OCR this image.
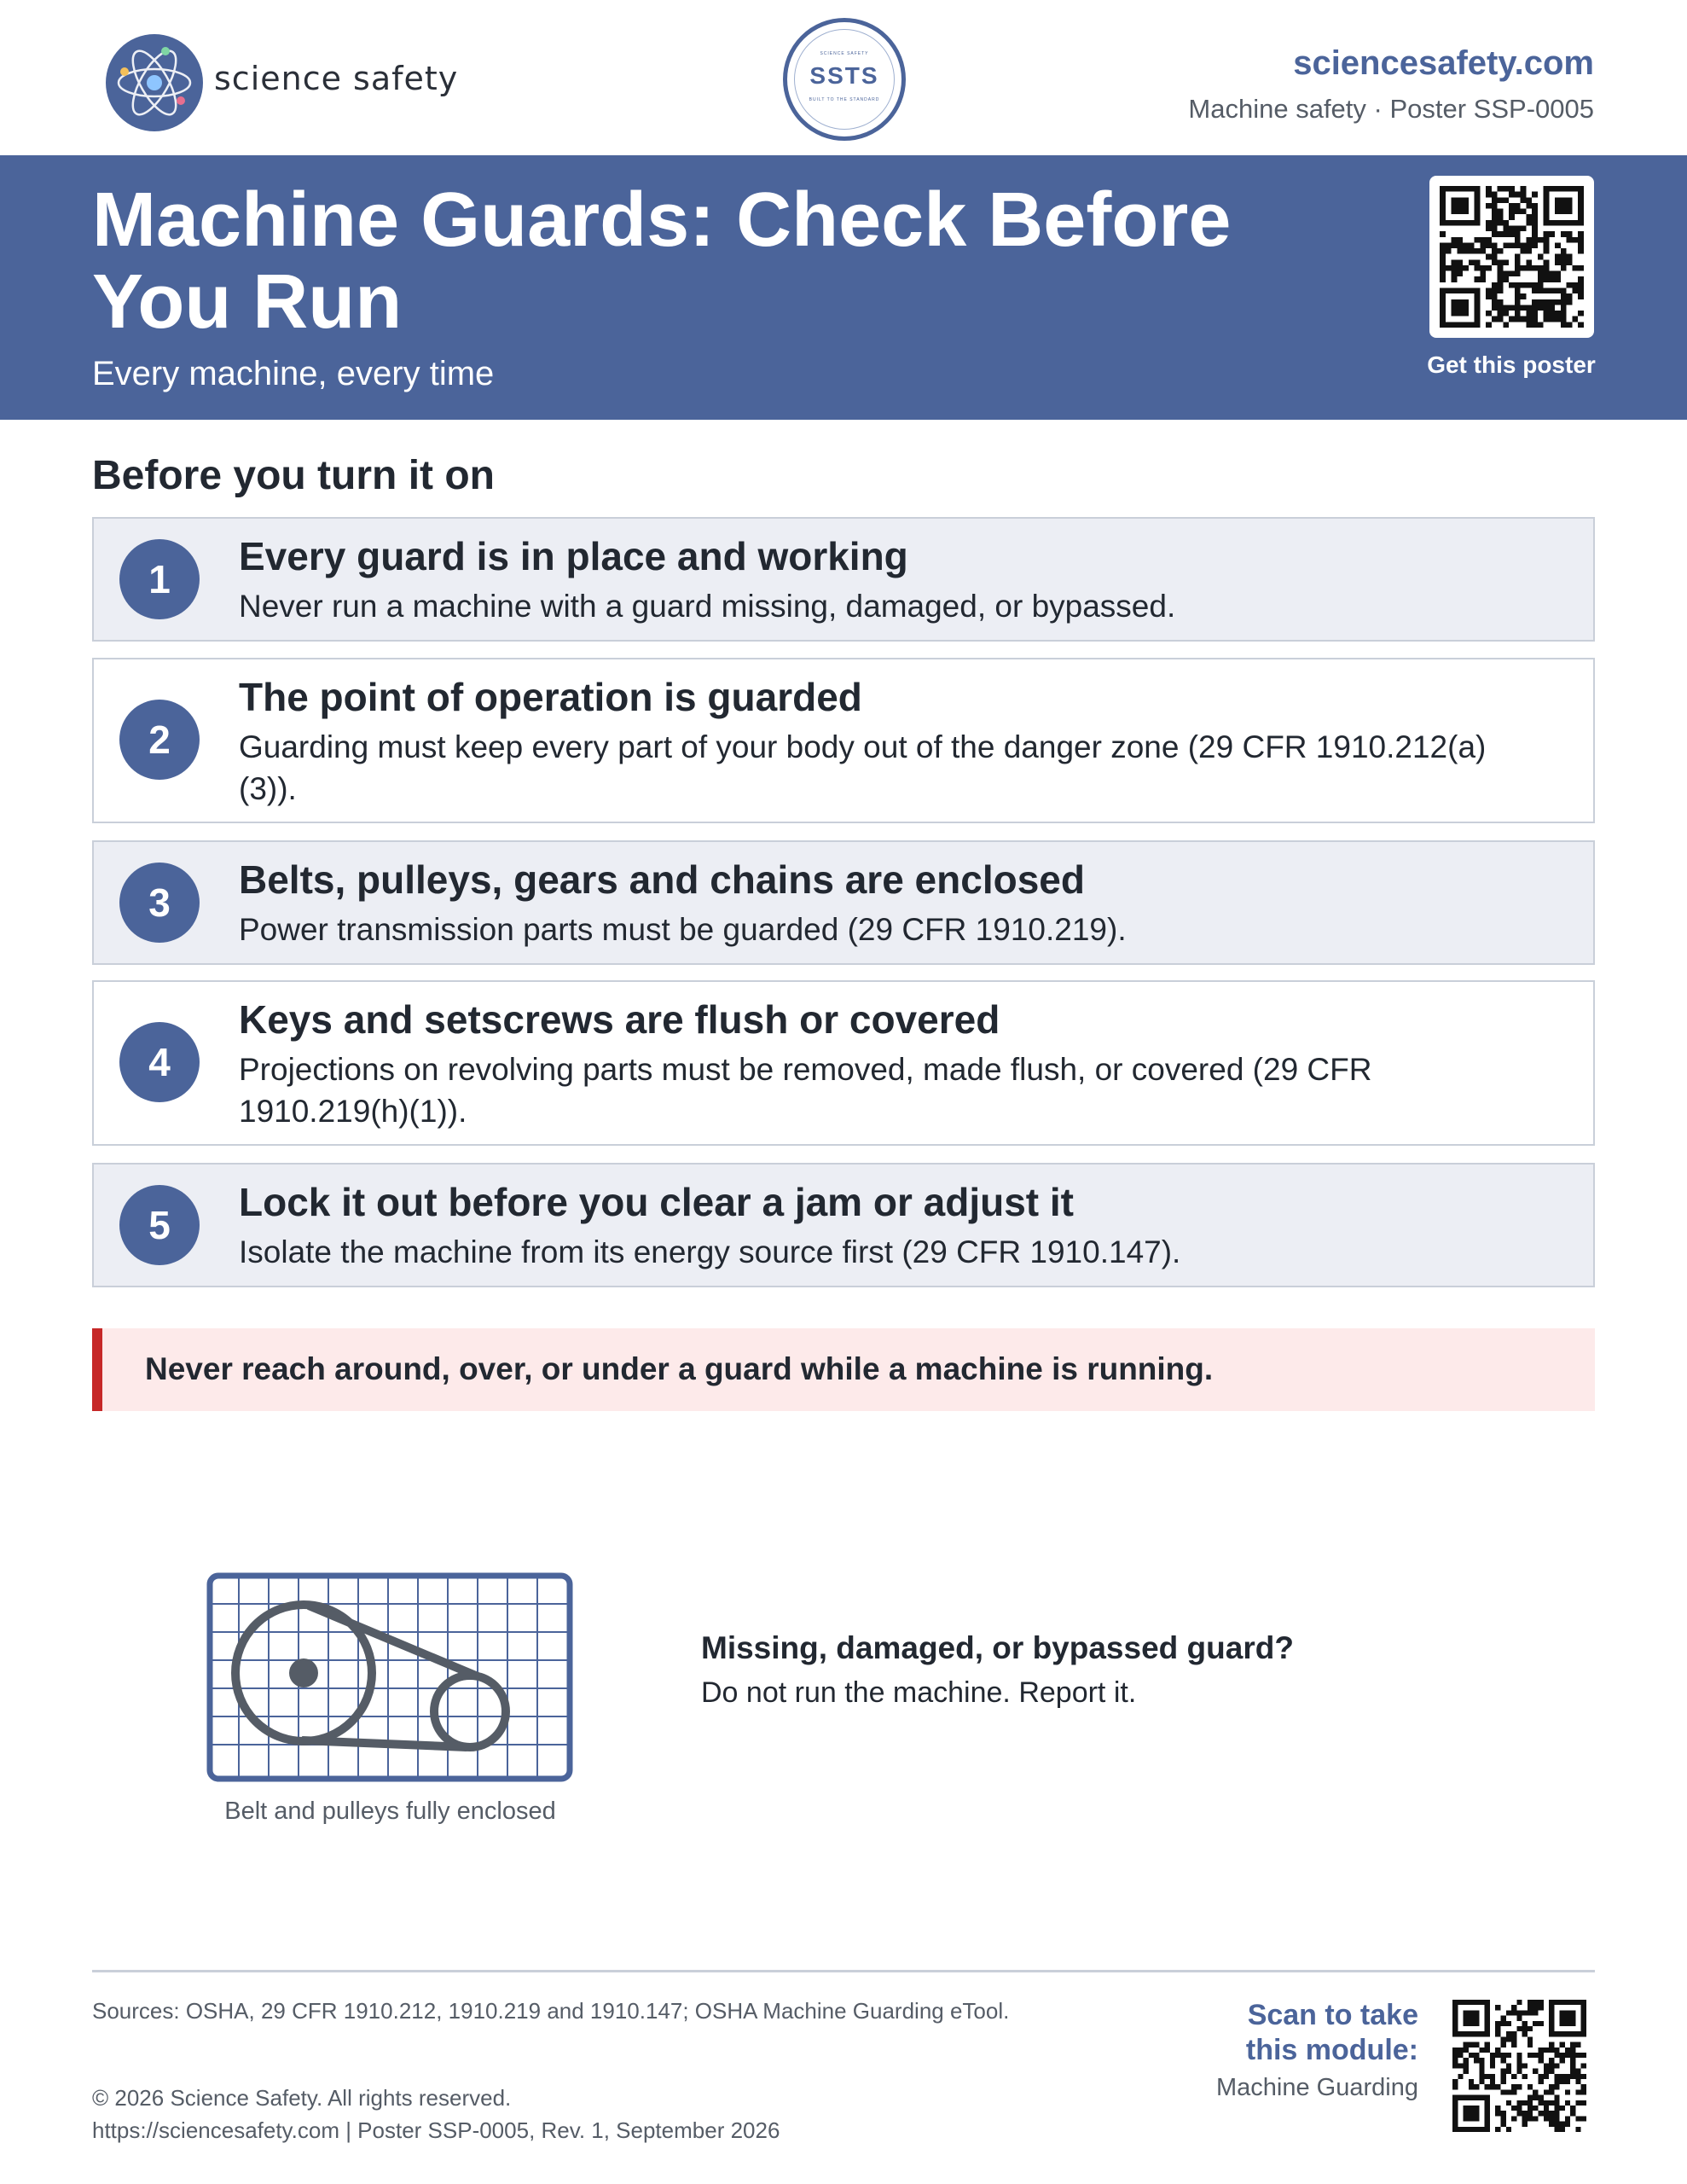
science safety
SCIENCE SAFETY
SSTS
BUILT TO THE STANDARD
sciencesafety.com
Machine safety · Poster SSP-0005
Machine Guards: Check Before You Run
Every machine, every time	Get this poster
Before you turn it on
1
Every guard is in place and working
Never run a machine with a guard missing, damaged, or bypassed.
2
The point of operation is guarded
Guarding must keep every part of your body out of the danger zone (29 CFR 1910.212(a)(3)).
3
Belts, pulleys, gears and chains are enclosed
Power transmission parts must be guarded (29 CFR 1910.219).
4
Keys and setscrews are flush or covered
Projections on revolving parts must be removed, made flush, or covered (29 CFR 1910.219(h)(1)).
5
Lock it out before you clear a jam or adjust it
Isolate the machine from its energy source first (29 CFR 1910.147).
Never reach around, over, or under a guard while a machine is running.
Belt and pulleys fully enclosed
Missing, damaged, or bypassed guard?
Do not run the machine. Report it.
Sources: OSHA, 29 CFR 1910.212, 1910.219 and 1910.147; OSHA Machine Guarding eTool.
© 2026 Science Safety. All rights reserved.
https://sciencesafety.com | Poster SSP-0005, Rev. 1, September 2026
Scan to take this module:
Machine Guarding
